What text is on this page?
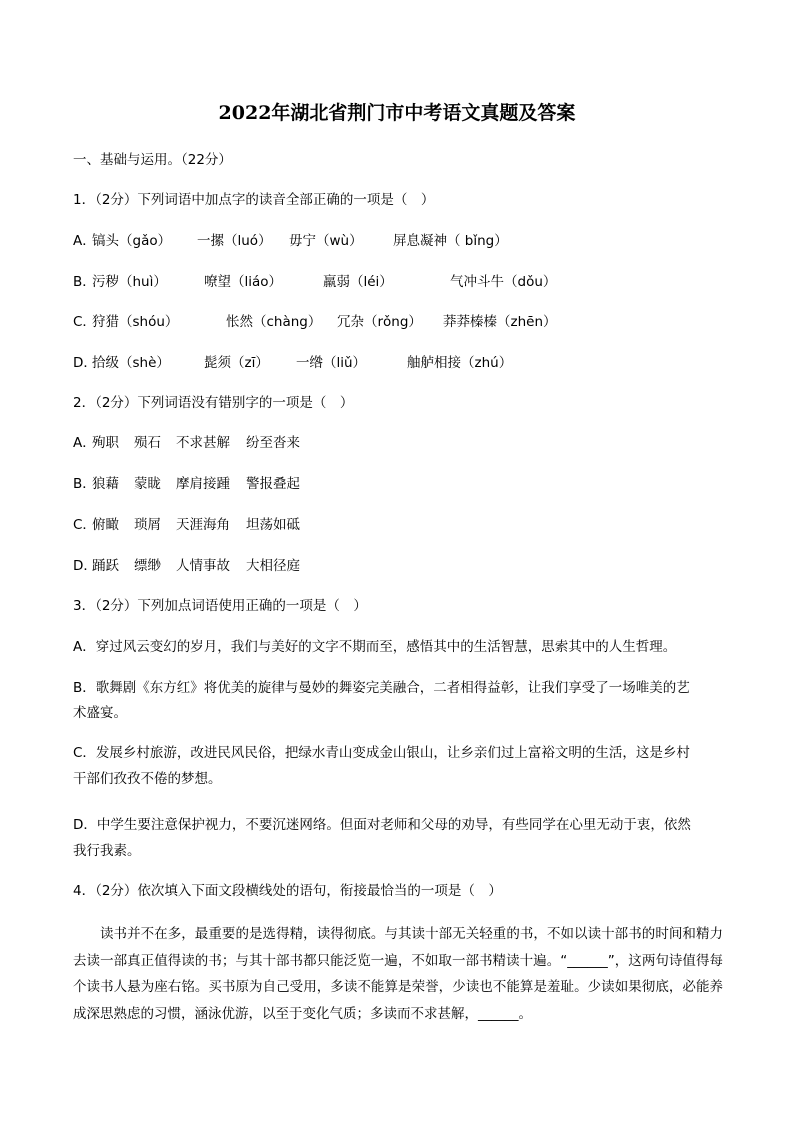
2022年湖北省荆门市中考语文真题及答案
一、基础与运用。（22分）
1．（2分）下列词语中加点字的读音全部正确的一项是（　）
A．
镐头（gǎo） 一摞（luó） 毋宁（wù） 屏息凝神（ bǐng）
B．
污秽（huì）	嘹望（liáo）	羸弱（léi）	气冲斗牛（dǒu）
C．
狩猎（shóu）	怅然（chàng） 冗杂（rǒng） 莽莽榛榛（zhēn）
D．
拾级（shè）	髭须（zī） 一绺（liǔ）	舳舻相接（zhú）
2．（2分）下列词语没有错别字的一项是（　）
A．
殉职 殒石 不求甚解 纷至沓来
B．
狼藉 蒙眬 摩肩接踵 警报叠起
C．
俯瞰 琐屑 天涯海角 坦荡如砥
D．
踊跃 缥缈 人情事故 大相径庭
3．（2分）下列加点词语使用正确的一项是（　）
A．穿过风云变幻的岁月，我们与美好的文字不期而至，感悟其中的生活智慧，思索其中的人生哲理。
B．歌舞剧《东方红》将优美的旋律与曼妙的舞姿完美融合，二者相得益彰，让我们享受了一场唯美的艺
术盛宴。
C．发展乡村旅游，改进民风民俗，把绿水青山变成金山银山，让乡亲们过上富裕文明的生活，这是乡村
干部们孜孜不倦的梦想。
D．中学生要注意保护视力，不要沉迷网络。但面对老师和父母的劝导，有些同学在心里无动于衷，依然
我行我素。
4．（2分）依次填入下面文段横线处的语句，衔接最恰当的一项是（　）
读书并不在多，最重要的是选得精，读得彻底。与其读十部无关轻重的书，不如以读十部书的时间和精力去读一部真正值得读的书；与其十部书都只能泛览一遍，不如取一部书精读十遍。“______”，这两句诗值得每个读书人悬为座右铭。买书原为自己受用，多读不能算是荣誉，少读也不能算是羞耻。少读如果彻底，必能养成深思熟虑的习惯，涵泳优游，以至于变化气质；多读而不求甚解，______。
